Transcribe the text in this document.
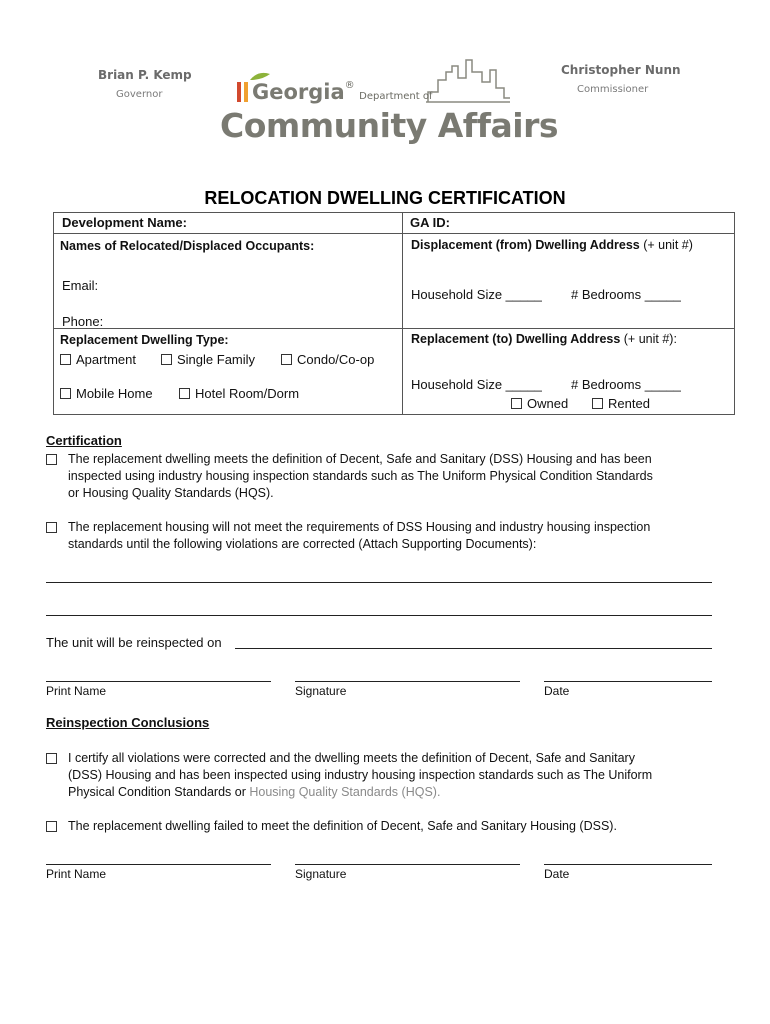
Brian P. Kemp
Governor
Christopher Nunn
Commissioner
Georgia® Department of
Community Affairs
RELOCATION DWELLING CERTIFICATION
Development Name:	GA ID:
Names of Relocated/Displaced Occupants:
Email:
Phone:
Displacement (from) Dwelling Address (+ unit #)
Household Size _____ # Bedrooms _____
Replacement Dwelling Type:
Apartment	Single Family	Condo/Co-op
Mobile Home	Hotel Room/Dorm
Replacement (to) Dwelling Address (+ unit #):
Household Size _____ # Bedrooms _____
Owned	Rented
Certification
The replacement dwelling meets the definition of Decent, Safe and Sanitary (DSS) Housing and has been
inspected using industry housing inspection standards such as The Uniform Physical Condition Standards
or Housing Quality Standards (HQS).
The replacement housing will not meet the requirements of DSS Housing and industry housing inspection
standards until the following violations are corrected (Attach Supporting Documents):
The unit will be reinspected on
Print Name	Signature	Date
Reinspection Conclusions
I certify all violations were corrected and the dwelling meets the definition of Decent, Safe and Sanitary
(DSS) Housing and has been inspected using industry housing inspection standards such as The Uniform
Physical Condition Standards or Housing Quality Standards (HQS).
The replacement dwelling failed to meet the definition of Decent, Safe and Sanitary Housing (DSS).
Print Name	Signature	Date
